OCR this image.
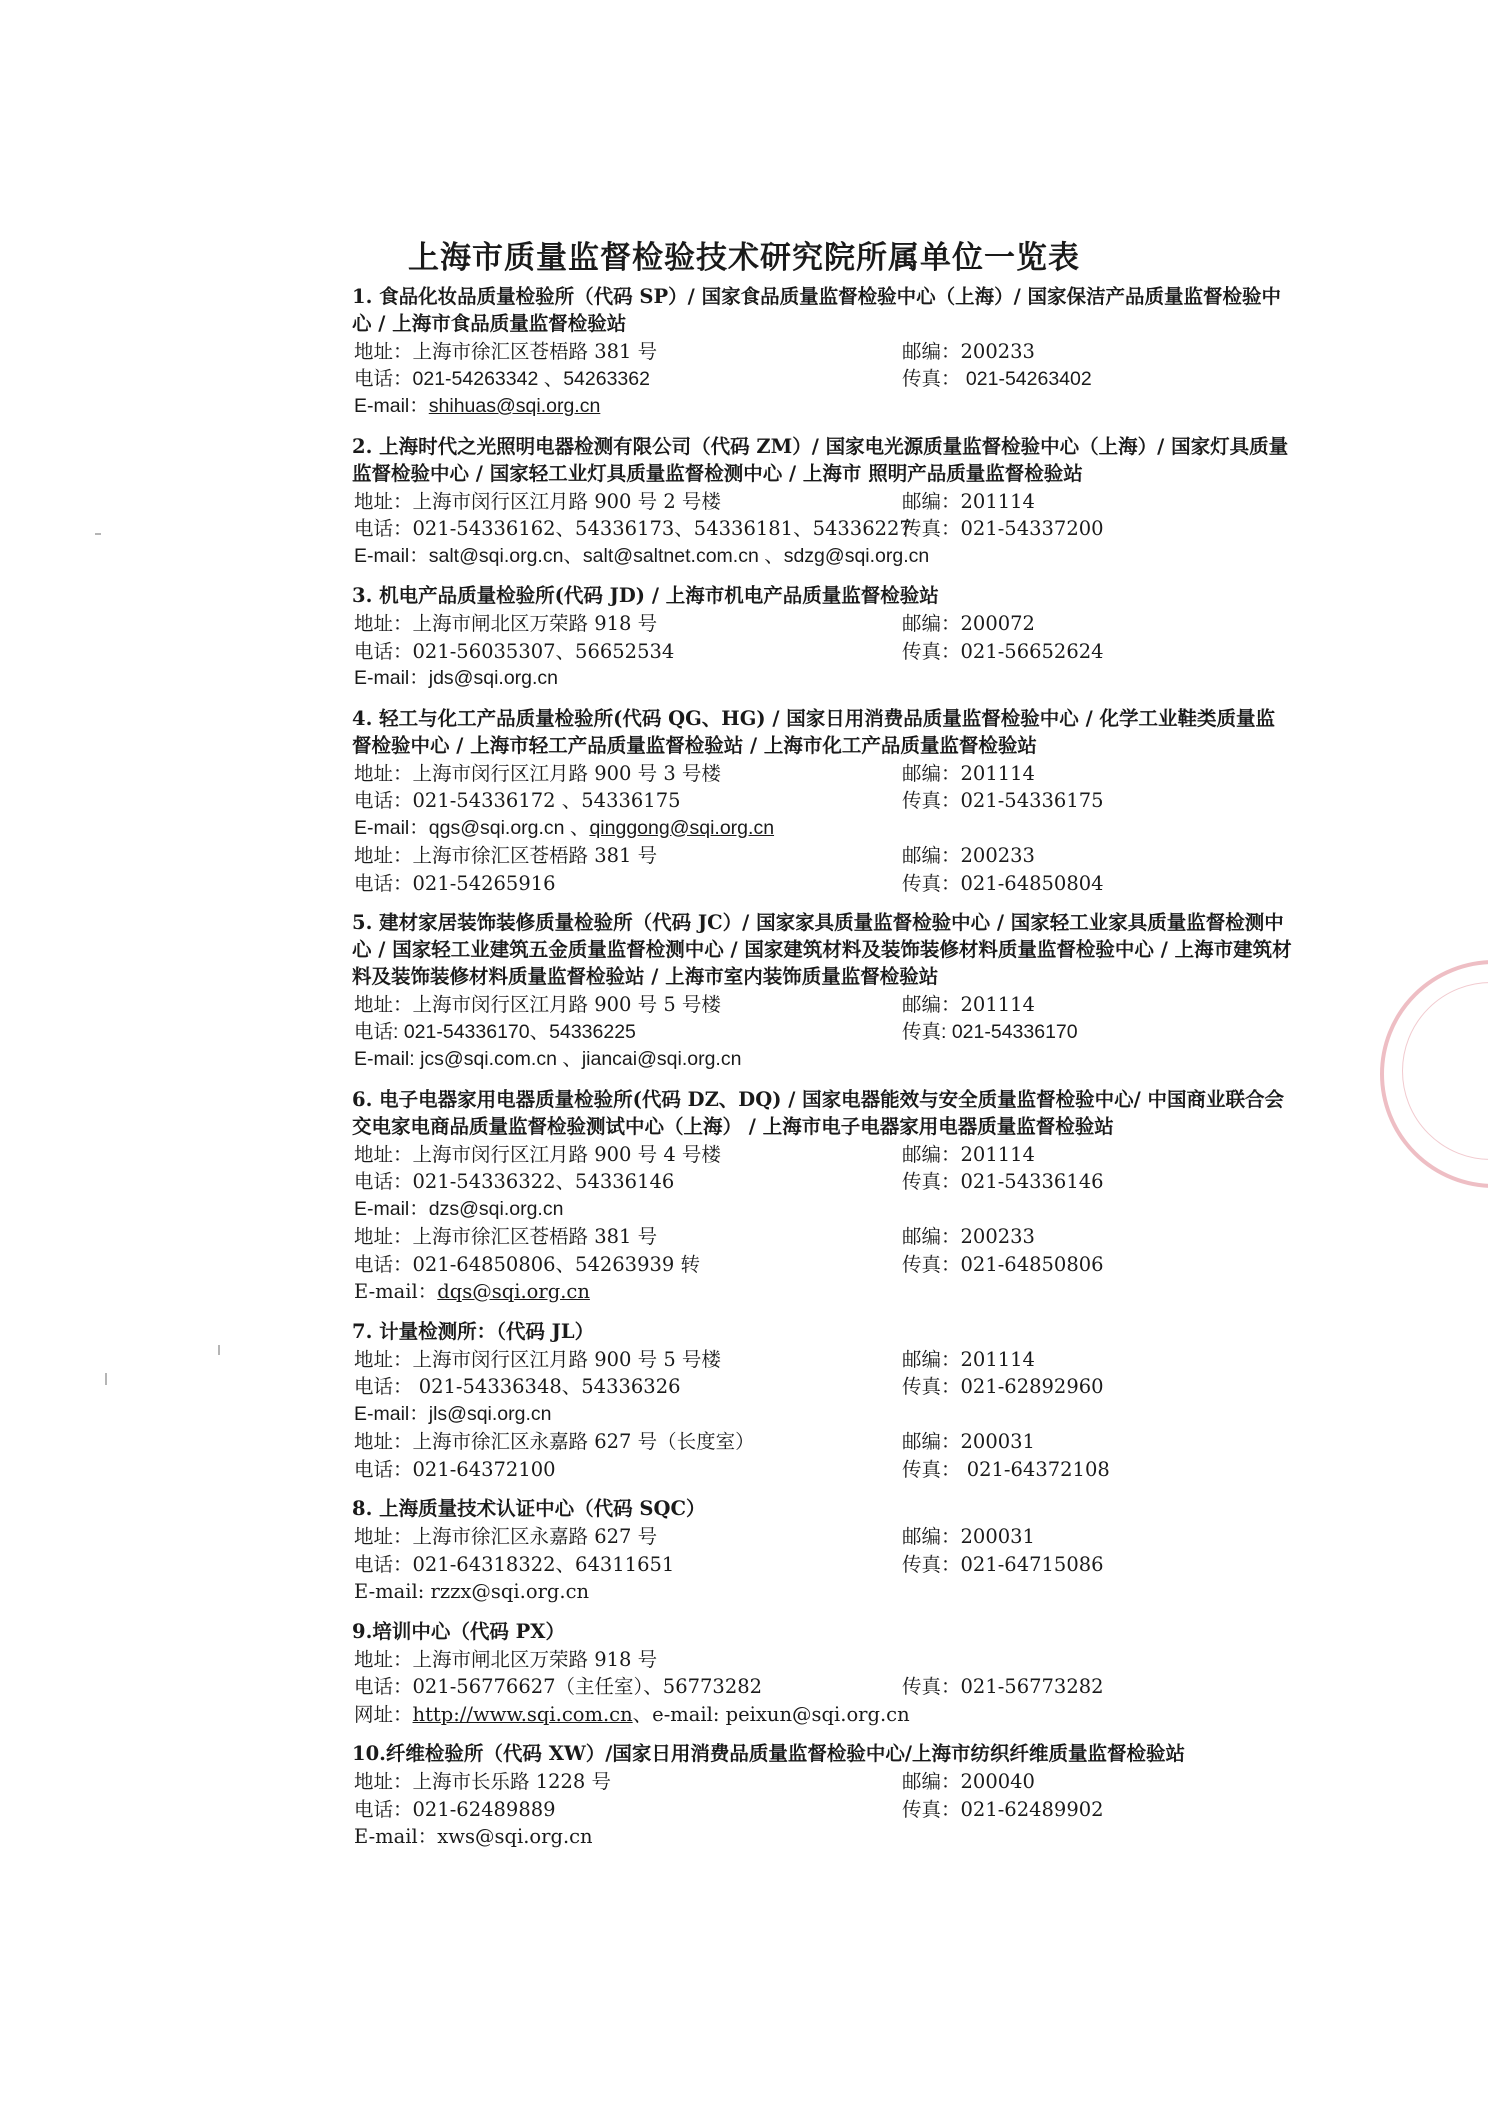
上海市质量监督检验技术研究院所属单位一览表
1. 食品化妆品质量检验所（代码 SP）/ 国家食品质量监督检验中心（上海）/ 国家保洁产品质量监督检验中心 / 上海市食品质量监督检验站
地址：上海市徐汇区苍梧路 381 号	邮编：200233
电话：021-54263342 、54263362	传真： 021-54263402
E-mail：shihuas@sqi.org.cn
2. 上海时代之光照明电器检测有限公司（代码 ZM）/ 国家电光源质量监督检验中心（上海）/ 国家灯具质量监督检验中心 / 国家轻工业灯具质量监督检测中心 / 上海市 照明产品质量监督检验站
地址：上海市闵行区江月路 900 号 2 号楼	邮编：201114
电话：021-54336162、54336173、54336181、54336227
传真：021-54337200
E-mail：salt@sqi.org.cn、salt@saltnet.com.cn 、sdzg@sqi.org.cn
3. 机电产品质量检验所(代码 JD) / 上海市机电产品质量监督检验站
地址：上海市闸北区万荣路 918 号	邮编：200072
电话：021-56035307、56652534	传真：021-56652624
E-mail：jds@sqi.org.cn
4. 轻工与化工产品质量检验所(代码 QG、HG) / 国家日用消费品质量监督检验中心 / 化学工业鞋类质量监督检验中心 / 上海市轻工产品质量监督检验站 / 上海市化工产品质量监督检验站
地址：上海市闵行区江月路 900 号 3 号楼	邮编：201114
电话：021-54336172 、54336175	传真：021-54336175
E-mail：qgs@sqi.org.cn 、qinggong@sqi.org.cn
地址：上海市徐汇区苍梧路 381 号	邮编：200233
电话：021-54265916	传真：021-64850804
5. 建材家居装饰装修质量检验所（代码 JC）/ 国家家具质量监督检验中心 / 国家轻工业家具质量监督检测中心 / 国家轻工业建筑五金质量监督检测中心 / 国家建筑材料及装饰装修材料质量监督检验中心 / 上海市建筑材料及装饰装修材料质量监督检验站 / 上海市室内装饰质量监督检验站
地址：上海市闵行区江月路 900 号 5 号楼	邮编：201114
电话: 021-54336170、54336225	传真: 021-54336170
E-mail: jcs@sqi.com.cn 、jiancai@sqi.org.cn
6. 电子电器家用电器质量检验所(代码 DZ、DQ) / 国家电器能效与安全质量监督检验中心/ 中国商业联合会交电家电商品质量监督检验测试中心（上海） / 上海市电子电器家用电器质量监督检验站
地址：上海市闵行区江月路 900 号 4 号楼	邮编：201114
电话：021-54336322、54336146	传真：021-54336146
E-mail：dzs@sqi.org.cn
地址：上海市徐汇区苍梧路 381 号	邮编：200233
电话：021-64850806、54263939 转	传真：021-64850806
E-mail：dqs@sqi.org.cn
7. 计量检测所：（代码 JL）
地址：上海市闵行区江月路 900 号 5 号楼	邮编：201114
电话： 021-54336348、54336326	传真：021-62892960
E-mail：jls@sqi.org.cn
地址：上海市徐汇区永嘉路 627 号（长度室）	邮编：200031
电话：021-64372100	传真： 021-64372108
8. 上海质量技术认证中心（代码 SQC）
地址：上海市徐汇区永嘉路 627 号	邮编：200031
电话：021-64318322、64311651	传真：021-64715086
E-mail: rzzx@sqi.org.cn
9.培训中心（代码 PX）
地址：上海市闸北区万荣路 918 号
电话：021-56776627（主任室）、56773282	传真：021-56773282
网址：http://www.sqi.com.cn、e-mail: peixun@sqi.org.cn
10.纤维检验所（代码 XW）/国家日用消费品质量监督检验中心/上海市纺织纤维质量监督检验站
地址：上海市长乐路 1228 号	邮编：200040
电话：021-62489889	传真：021-62489902
E-mail：xws@sqi.org.cn
